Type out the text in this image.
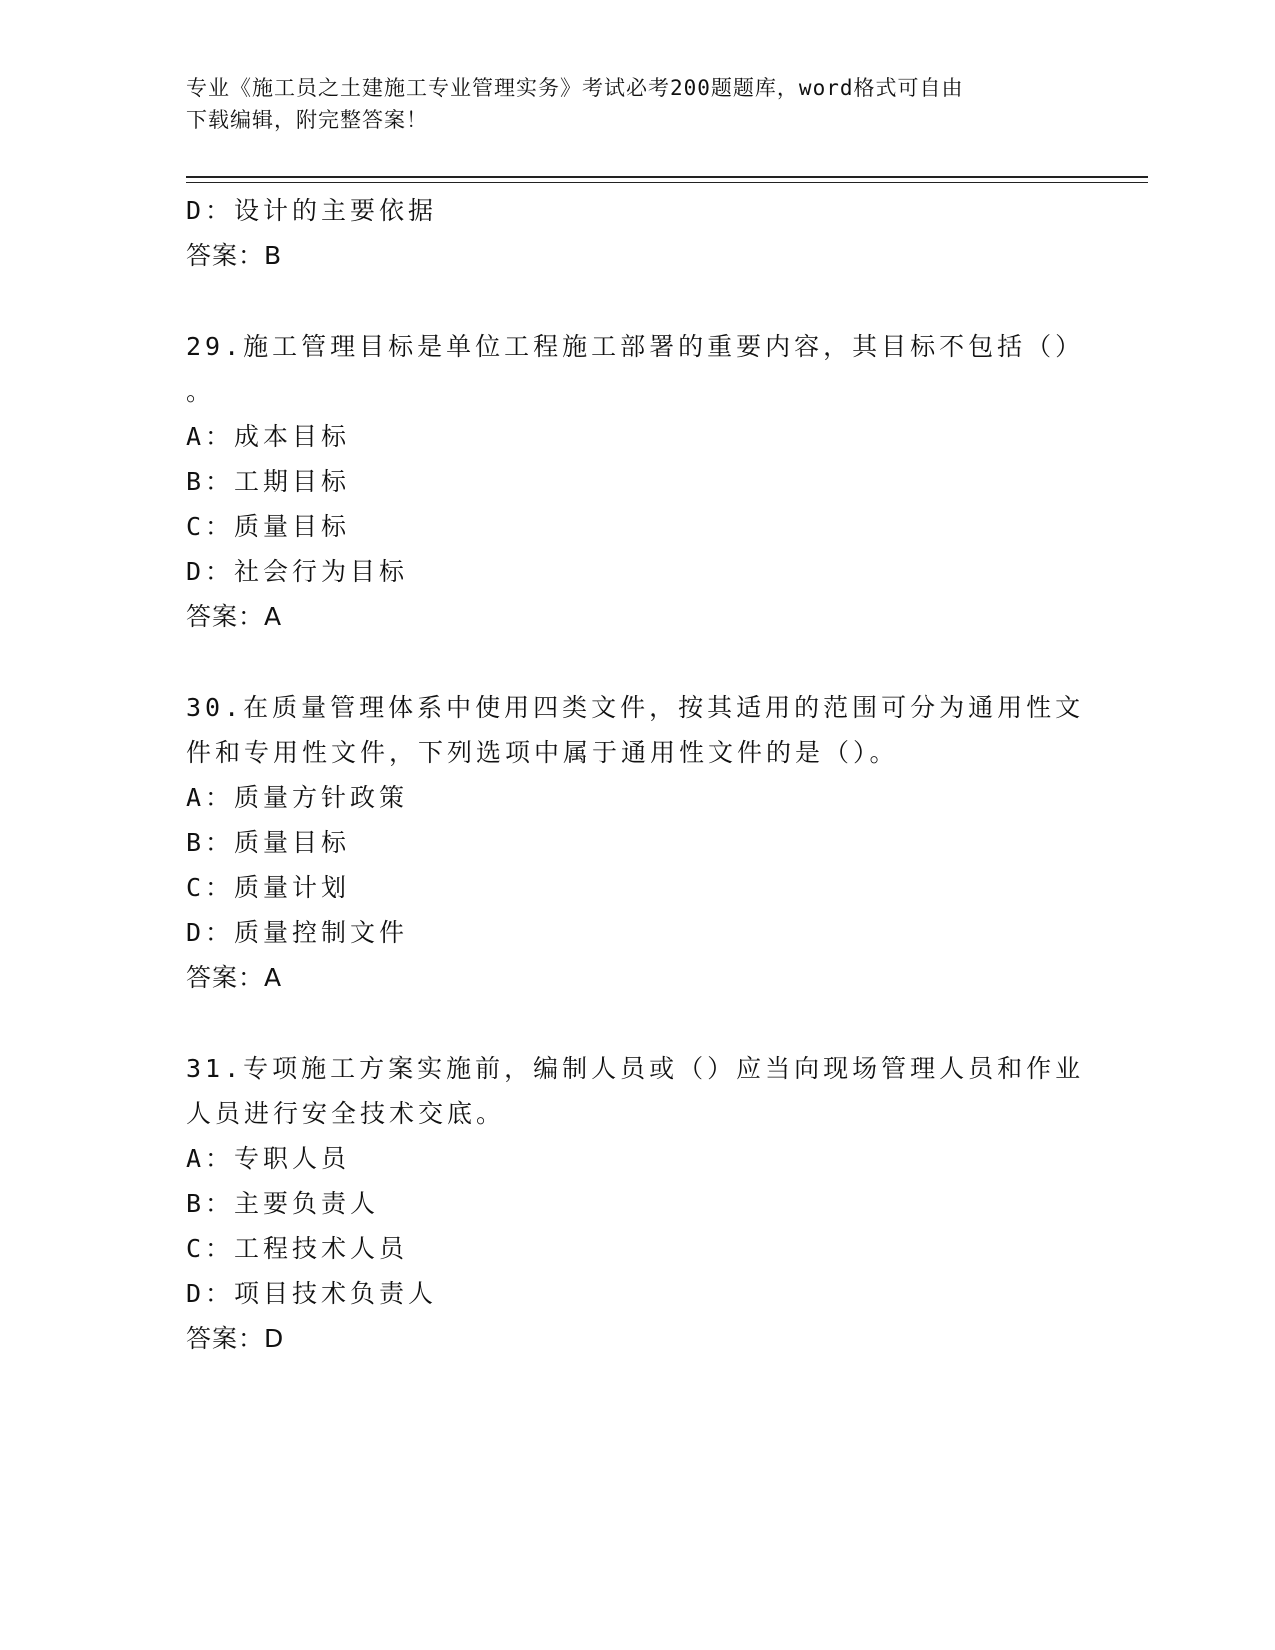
专业《施工员之土建施工专业管理实务》考试必考200题题库，word格式可自由
下载编辑，附完整答案！
D：设计的主要依据
答案：B
29.施工管理目标是单位工程施工部署的重要内容，其目标不包括（）
。
A：成本目标
B：工期目标
C：质量目标
D：社会行为目标
答案：A
30.在质量管理体系中使用四类文件，按其适用的范围可分为通用性文
件和专用性文件，下列选项中属于通用性文件的是（）。
A：质量方针政策
B：质量目标
C：质量计划
D：质量控制文件
答案：A
31.专项施工方案实施前，编制人员或（）应当向现场管理人员和作业
人员进行安全技术交底。
A：专职人员
B：主要负责人
C：工程技术人员
D：项目技术负责人
答案：D
